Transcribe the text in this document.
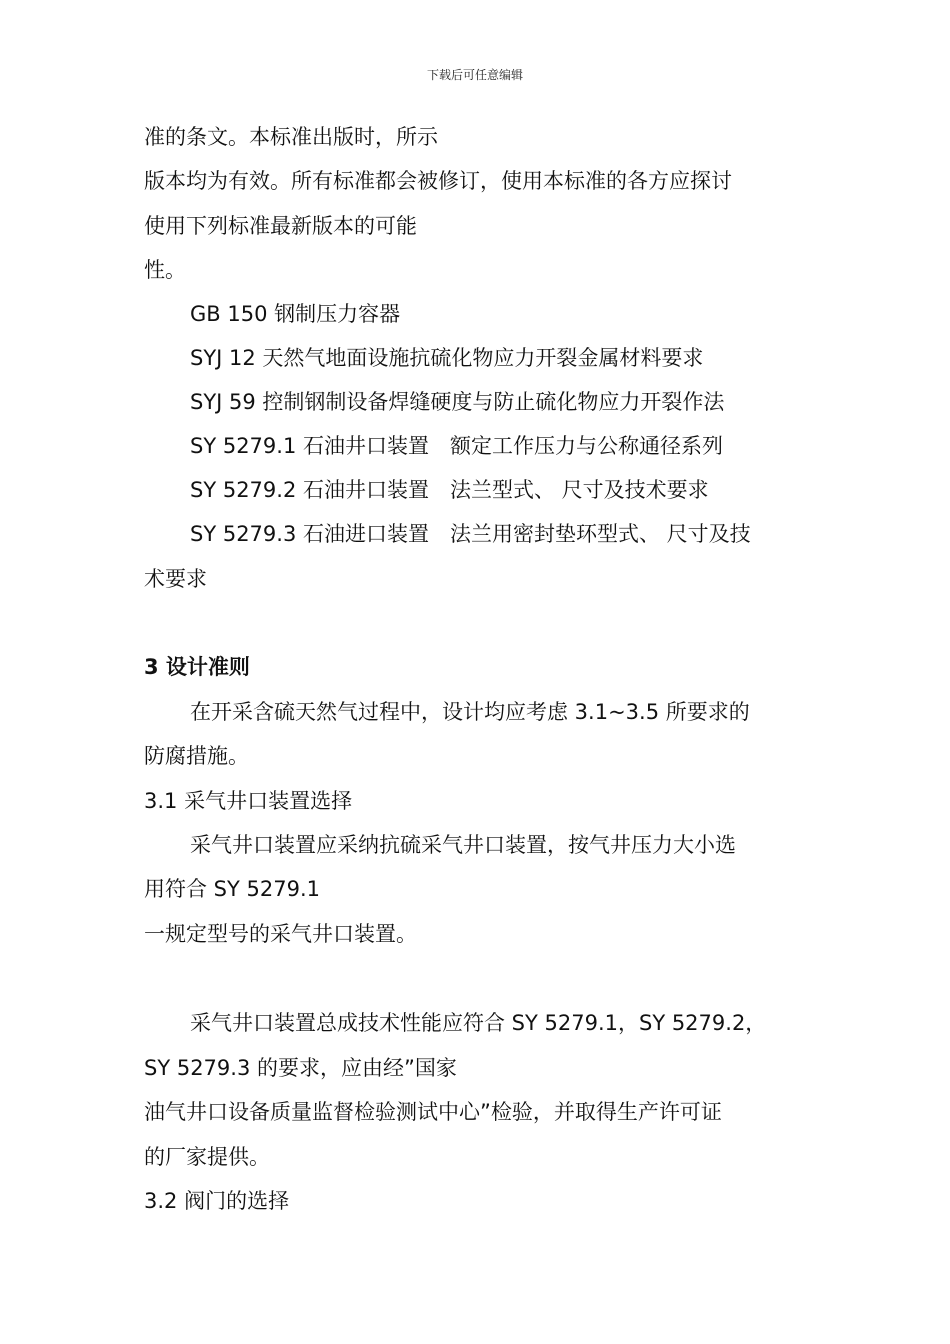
下载后可任意编辑
准的条文。本标准出版时，所示
版本均为有效。所有标准都会被修订，使用本标准的各方应探讨
使用下列标准最新版本的可能
性。
GB 150 钢制压力容器
SYJ 12 天然气地面设施抗硫化物应力开裂金属材料要求
SYJ 59 控制钢制设备焊缝硬度与防止硫化物应力开裂作法
SY 5279.1 石油井口装置　额定工作压力与公称通径系列
SY 5279.2 石油井口装置　法兰型式、 尺寸及技术要求
SY 5279.3 石油进口装置　法兰用密封垫环型式、 尺寸及技
术要求
3 设计准则
在开采含硫天然气过程中，设计均应考虑 3.1~3.5 所要求的
防腐措施。
3.1 采气井口装置选择
采气井口装置应采纳抗硫采气井口装置，按气井压力大小选
用符合 SY 5279.1
一规定型号的采气井口装置。
采气井口装置总成技术性能应符合 SY 5279.1，SY 5279.2，
SY 5279.3 的要求，应由经”国家
油气井口设备质量监督检验测试中心”检验，并取得生产许可证
的厂家提供。
3.2 阀门的选择
